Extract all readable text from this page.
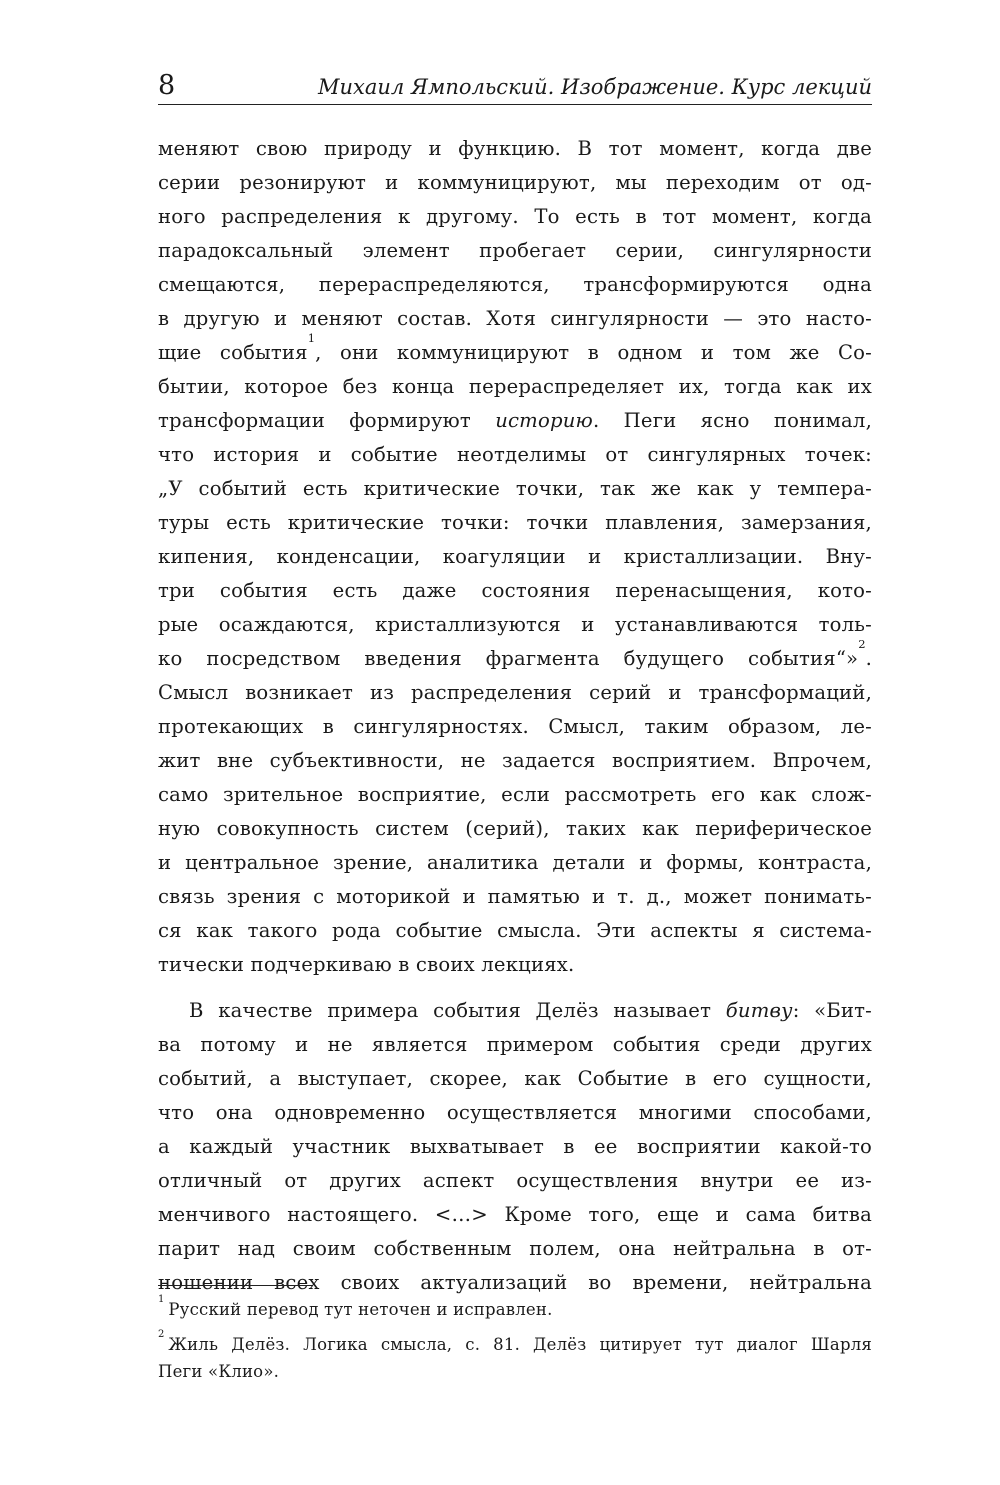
8	Михаил Ямпольский. Изображение. Курс лекций
меняют свою природу и функцию. В тот момент, когда две
серии резонируют и коммуницируют, мы переходим от од-
ного распределения к другому. То есть в тот момент, когда
парадоксальный элемент пробегает серии, сингулярности
смещаются, перераспределяются, трансформируются одна
в другую и меняют состав. Хотя сингулярности — это насто-
щие события$^1$, они коммуницируют в одном и том же Со-
бытии, которое без конца перераспределяет их, тогда как их
трансформации формируют историю. Пеги ясно понимал,
что история и событие неотделимы от сингулярных точек:
„У событий есть критические точки, так же как у темпера-
туры есть критические точки: точки плавления, замерзания,
кипения, конденсации, коагуляции и кристаллизации. Вну-
три события есть даже состояния перенасыщения, кото-
рые осаждаются, кристаллизуются и устанавливаются толь-
ко посредством введения фрагмента будущего события“»$^2$.
Смысл возникает из распределения серий и трансформаций,
протекающих в сингулярностях. Смысл, таким образом, ле-
жит вне субъективности, не задается восприятием. Впрочем,
само зрительное восприятие, если рассмотреть его как слож-
ную совокупность систем (серий), таких как периферическое
и центральное зрение, аналитика детали и формы, контраста,
связь зрения с моторикой и памятью и т. д., может понимать-
ся как такого рода событие смысла. Эти аспекты я система-
тически подчеркиваю в своих лекциях.
В качестве примера события Делёз называет битву: «Бит-
ва потому и не является примером события среди других
событий, а выступает, скорее, как Событие в его сущности,
что она одновременно осуществляется многими способами,
а каждый участник выхватывает в ее восприятии какой-то
отличный от других аспект осуществления внутри ее из-
менчивого настоящего. <…> Кроме того, еще и сама битва
парит над своим собственным полем, она нейтральна в от-
ношении всех своих актуализаций во времени, нейтральна
$^1$Русский перевод тут неточен и исправлен.
$^2$Жиль Делёз. Логика смысла, с. 81. Делёз цитирует тут диалог Шарля
Пеги «Клио».
